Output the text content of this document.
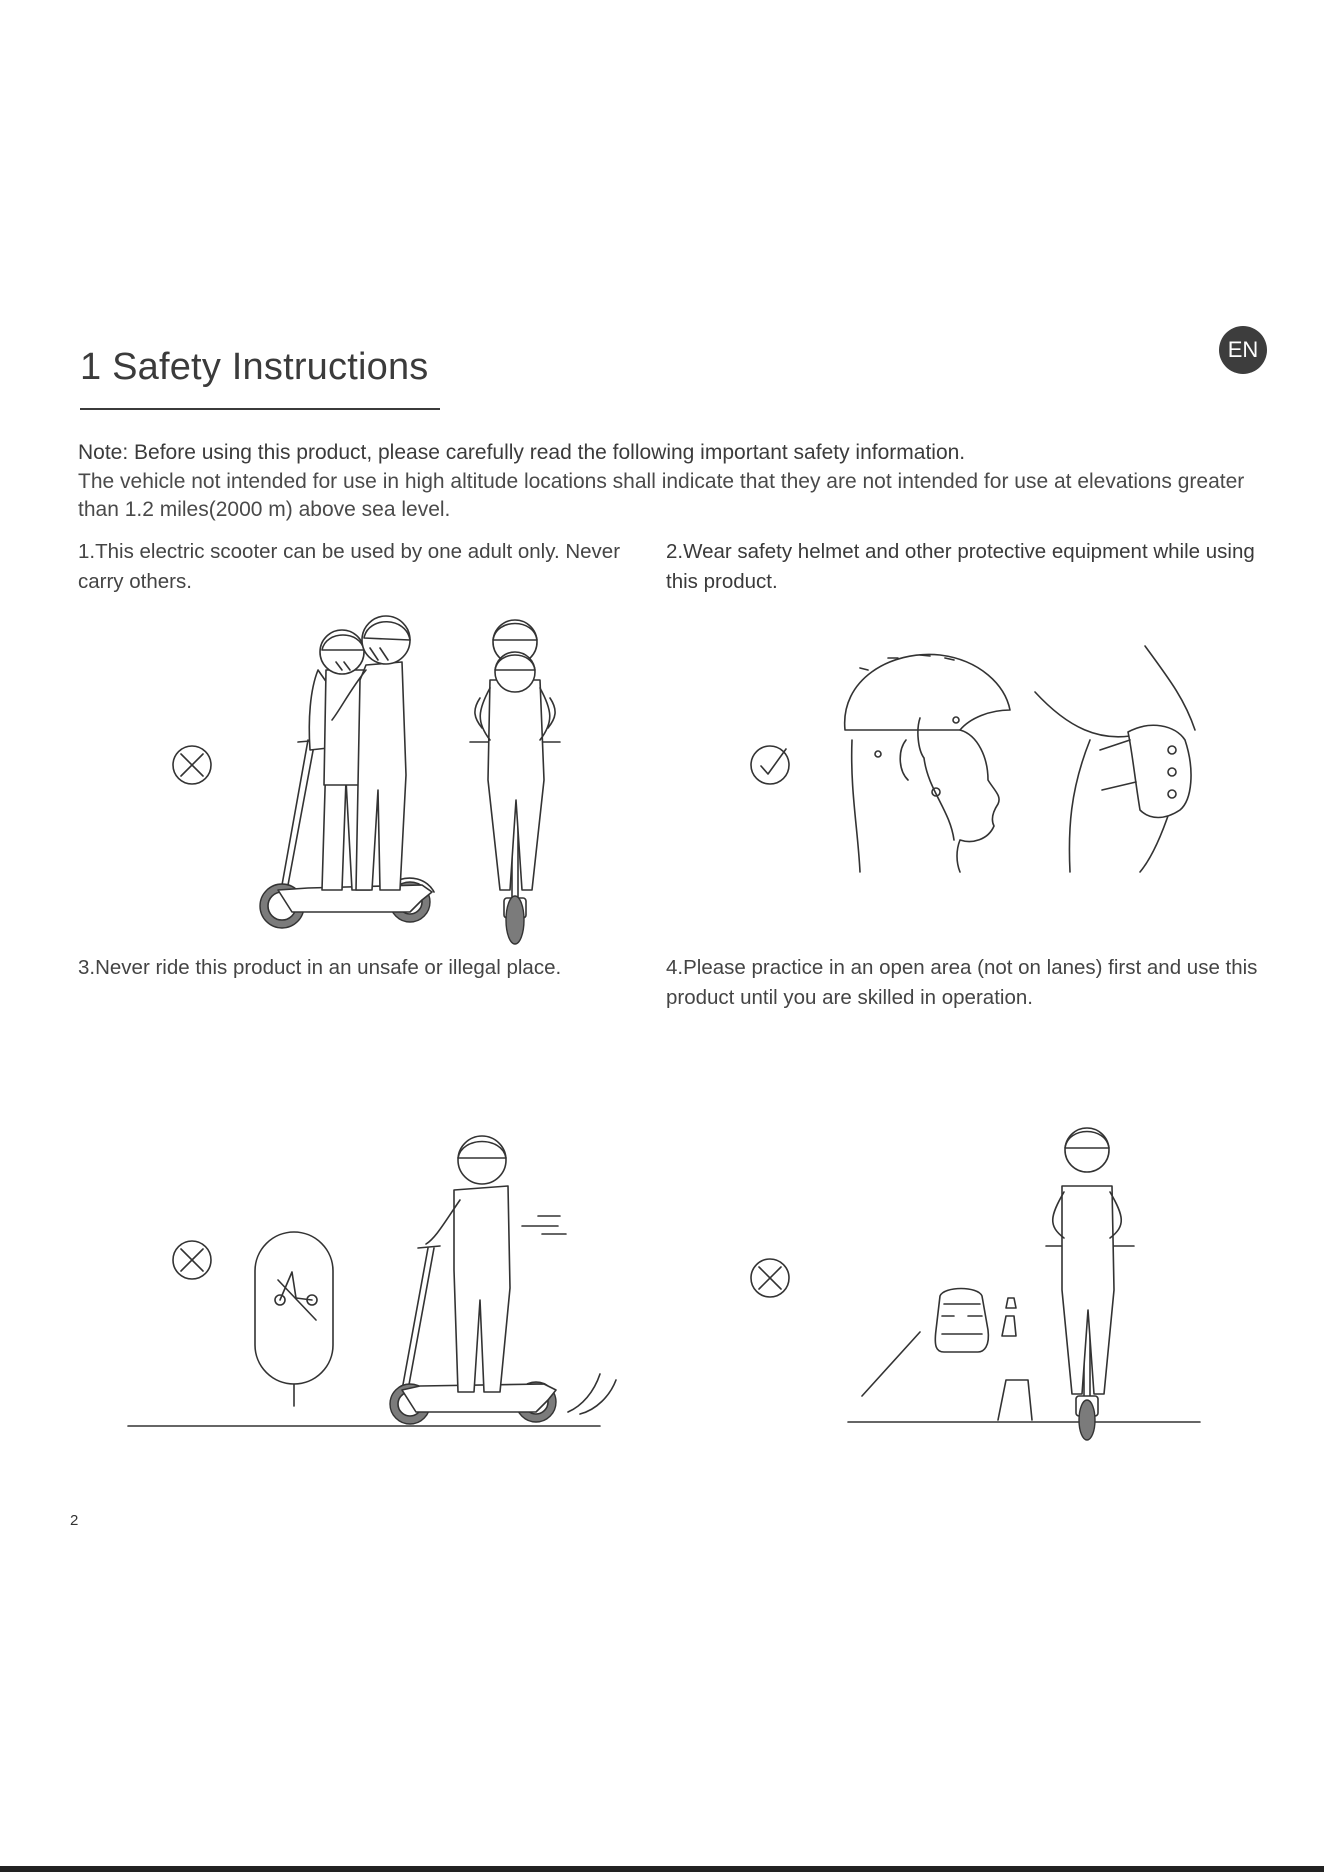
1 Safety Instructions	EN
Note: Before using this product, please carefully read the following important safety information.
The vehicle not intended for use in high altitude locations shall indicate that they are not intended for use at elevations greater than 1.2 miles(2000 m) above sea level.
1.This electric scooter can be used by one adult only. Never carry others.
2.Wear safety helmet and other protective equipment while using this product.
3.Never ride this product in an unsafe or illegal place.	4.Please practice in an open area (not on lanes) first and use this product until you are skilled in operation.
2
